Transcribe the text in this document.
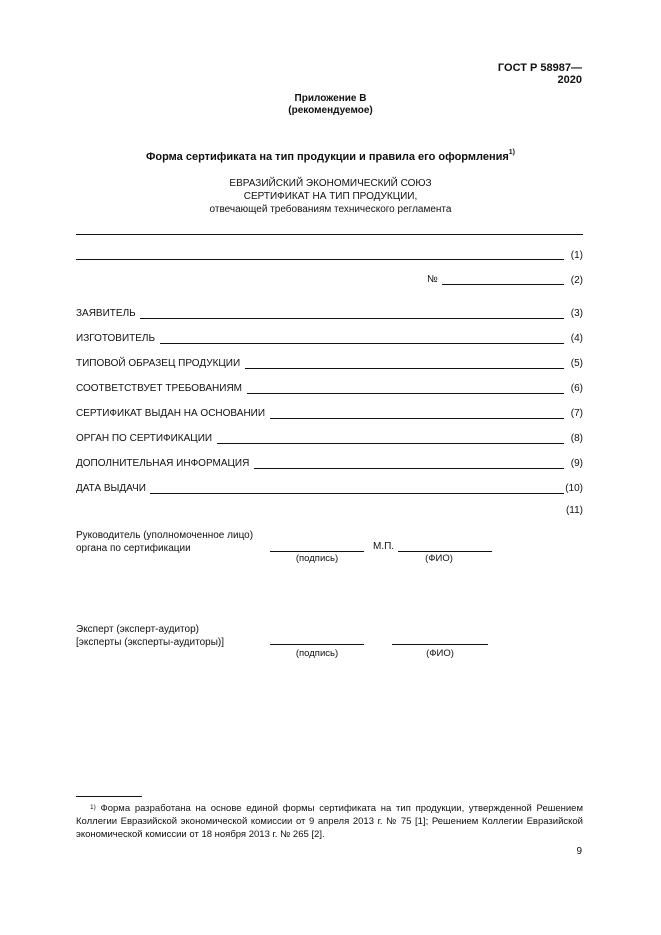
ГОСТ Р 58987—2020
Приложение В
(рекомендуемое)
Форма сертификата на тип продукции и правила его оформления$^{1)}$
ЕВРАЗИЙСКИЙ ЭКОНОМИЧЕСКИЙ СОЮЗ
СЕРТИФИКАТ НА ТИП ПРОДУКЦИИ,
отвечающей требованиям технического регламента
(1)
№	(2)
ЗАЯВИТЕЛЬ	(3)
ИЗГОТОВИТЕЛЬ	(4)
ТИПОВОЙ ОБРАЗЕЦ ПРОДУКЦИИ	(5)
СООТВЕТСТВУЕТ ТРЕБОВАНИЯМ	(6)
СЕРТИФИКАТ ВЫДАН НА ОСНОВАНИИ	(7)
ОРГАН ПО СЕРТИФИКАЦИИ	(8)
ДОПОЛНИТЕЛЬНАЯ ИНФОРМАЦИЯ	(9)
ДАТА ВЫДАЧИ	(10)
(11)
Руководитель (уполномоченное лицо)
органа по сертификации	М.П.
(подпись)	(ФИО)
Эксперт (эксперт-аудитор)
[эксперты (эксперты-аудиторы)]
(подпись)	(ФИО)
$^{1)}$ Форма разработана на основе единой формы сертификата на тип продукции, утвержденной Решением Коллегии Евразийской экономической комиссии от 9 апреля 2013 г. № 75 [1]; Решением Коллегии Евразийской экономической комиссии от 18 ноября 2013 г. № 265 [2].
9
